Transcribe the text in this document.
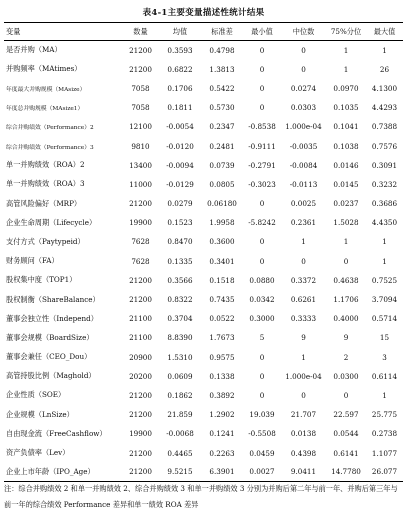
表4-1主要变量描述性统计结果
变量	数量	均值	标准差	最小值	中位数	75%分位	最大值
是否并购（MA）	21200	0.3593	0.4798	0	0	1	1
并购频率（MAtimes）	21200	0.6822	1.3813	0	0	1	26
年度最大并购规模（MAsize）	7058	0.1706	0.5422	0	0.0274	0.0970	4.1300
年度总并购规模（MAsize1）	7058	0.1811	0.5730	0	0.0303	0.1035	4.4293
综合并购绩效（Performance）2	12100	-0.0054	0.2347	-0.8538	1.000e-04	0.1041	0.7388
综合并购绩效（Performance）3	9810	-0.0120	0.2481	-0.9111	-0.0035	0.1038	0.7576
单一并购绩效（ROA）2	13400	-0.0094	0.0739	-0.2791	-0.0084	0.0146	0.3091
单一并购绩效（ROA）3	11000	-0.0129	0.0805	-0.3023	-0.0113	0.0145	0.3232
高管风险偏好（MRP）	21200	0.0279	0.06180	0	0.0025	0.0237	0.3686
企业生命周期（Lifecycle）	19900	0.1523	1.9958	-5.8242	0.2361	1.5028	4.4350
支付方式（Paytypeid）	7628	0.8470	0.3600	0	1	1	1
财务顾问（FA）	7628	0.1335	0.3401	0	0	0	1
股权集中度（TOP1）	21200	0.3566	0.1518	0.0880	0.3372	0.4638	0.7525
股权制衡（ShareBalance）	21200	0.8322	0.7435	0.0342	0.6261	1.1706	3.7094
董事会独立性（Independ）	21100	0.3704	0.0522	0.3000	0.3333	0.4000	0.5714
董事会规模（BoardSize）	21100	8.8390	1.7673	5	9	9	15
董事会兼任（CEO_Dou）	20900	1.5310	0.9575	0	1	2	3
高管持股比例（Maghold）	20200	0.0609	0.1338	0	1.000e-04	0.0300	0.6114
企业性质（SOE）	21200	0.1862	0.3892	0	0	0	1
企业规模（LnSize）	21200	21.859	1.2902	19.039	21.707	22.597	25.775
自由现金流（FreeCashflow）	19900	-0.0068	0.1241	-0.5508	0.0138	0.0544	0.2738
资产负债率（Lev）	21200	0.4465	0.2263	0.0459	0.4398	0.6141	1.1077
企业上市年龄（IPO_Age）	21200	9.5215	6.3901	0.0027	9.0411	14.7780	26.077
注：综合并购绩效 2 和单一并购绩效 2、综合并购绩效 3 和单一并购绩效 3 分别为并购后第二年与前一年、并购后第三年与前一年的综合绩效 Performance 差异和单一绩效 ROA 差异
